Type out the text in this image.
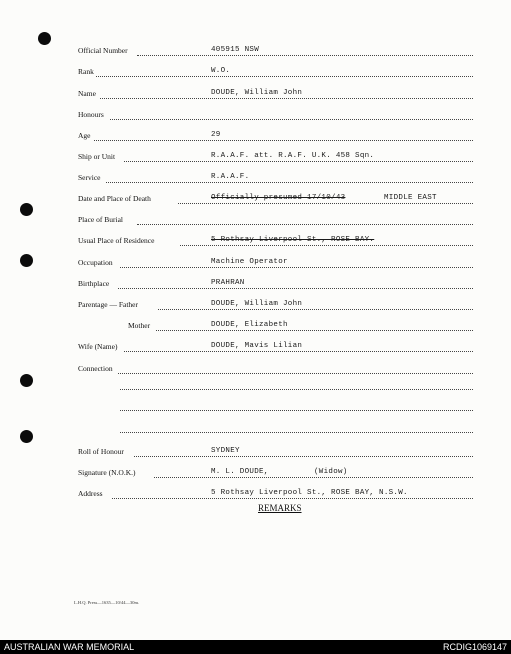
Official Number	405915 NSW
Rank	W.O.
Name	DOUDE, William John
Honours
Age	29
Ship or Unit	R.A.A.F. att. R.A.F. U.K. 458 Sqn.
Service	R.A.A.F.
Date and Place of Death	Officially presumed 17/10/43	MIDDLE EAST
Place of Burial
Usual Place of Residence	5 Rothsay Liverpool St., ROSE BAY.
Occupation	Machine Operator
Birthplace	PRAHRAN
Parentage — Father	DOUDE, William John
Mother	DOUDE, Elizabeth
Wife (Name)	DOUDE, Mavis Lilian
Connection
Roll of Honour	SYDNEY
Signature (N.O.K.)	M. L. DOUDE,	(Widow)
Address	5 Rothsay Liverpool St., ROSE BAY, N.S.W.
REMARKS
L.H.Q. Press—1635—10/44—30m.
AUSTRALIAN WAR MEMORIAL	RCDIG1069147
